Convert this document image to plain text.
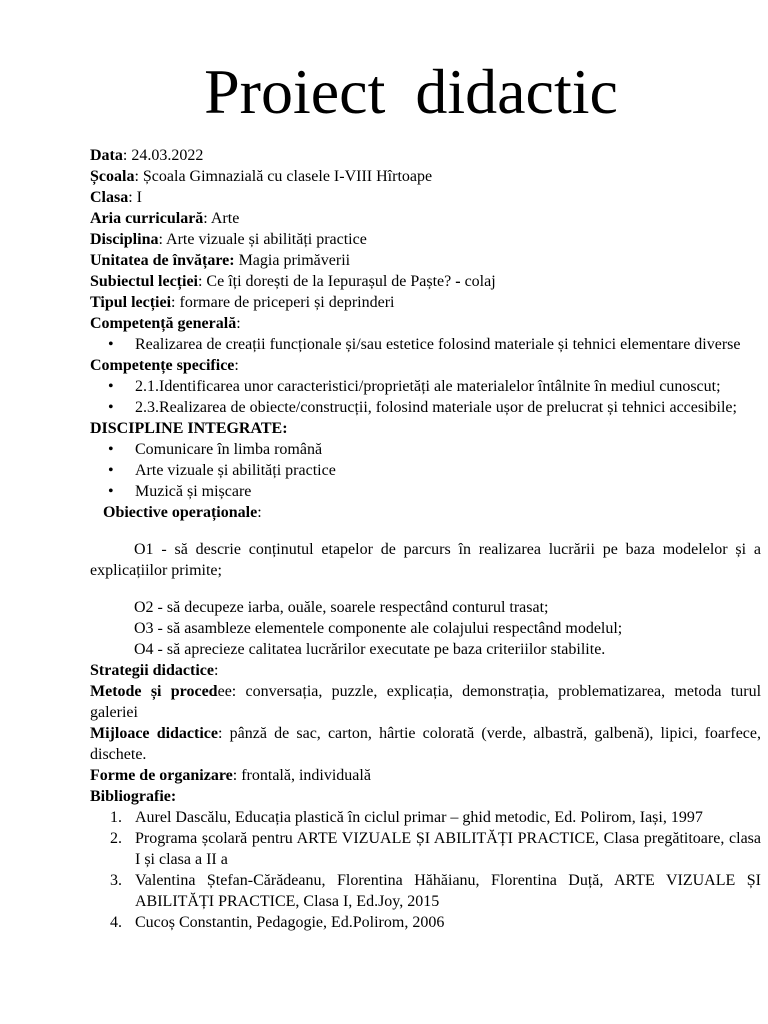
Proiect didactic

Data: 24.03.2022

Școala: Școala Gimnazială cu clasele I-VIII Hîrtoape

Clasa: I

Aria curriculară: Arte

Disciplina: Arte vizuale și abilități practice

Unitatea de învățare: Magia primăverii

Subiectul lecției: Ce îți dorești de la Iepurașul de Paște? - colaj

Tipul lecției: formare de priceperi și deprinderi

Competență generală:

• Realizarea de creații funcționale și/sau estetice folosind materiale și tehnici elementare diverse

Competențe specifice:

• 2.1.Identificarea unor caracteristici/proprietăți ale materialelor întâlnite în mediul cunoscut;
• 2.3.Realizarea de obiecte/construcții, folosind materiale ușor de prelucrat și tehnici accesibile;

DISCIPLINE INTEGRATE:

• Comunicare în limba română
• Arte vizuale și abilități practice
• Muzică și mișcare

Obiective operaționale:

O1 - să descrie conținutul etapelor de parcurs în realizarea lucrării pe baza modelelor și a explicațiilor primite;

O2 - să decupeze iarba, ouăle, soarele respectând conturul trasat;

O3 - să asambleze elementele componente ale colajului respectând modelul;

O4 - să aprecieze calitatea lucrărilor executate pe baza criteriilor stabilite.

Strategii didactice:

Metode și procedee: conversația, puzzle, explicația, demonstrația, problematizarea, metoda turul galeriei

Mijloace didactice: pânză de sac, carton, hârtie colorată (verde, albastră, galbenă), lipici, foarfece, dischete.

Forme de organizare: frontală, individuală

Bibliografie:

1. Aurel Dascălu, Educația plastică în ciclul primar – ghid metodic, Ed. Polirom, Iași, 1997
2. Programa școlară pentru ARTE VIZUALE ȘI ABILITĂȚI PRACTICE, Clasa pregătitoare, clasa I și clasa a II a
3. Valentina Ștefan-Cărădeanu, Florentina Hăhăianu, Florentina Duță, ARTE VIZUALE ȘI ABILITĂȚI PRACTICE, Clasa I, Ed.Joy, 2015
4. Cucoș Constantin, Pedagogie, Ed.Polirom, 2006
